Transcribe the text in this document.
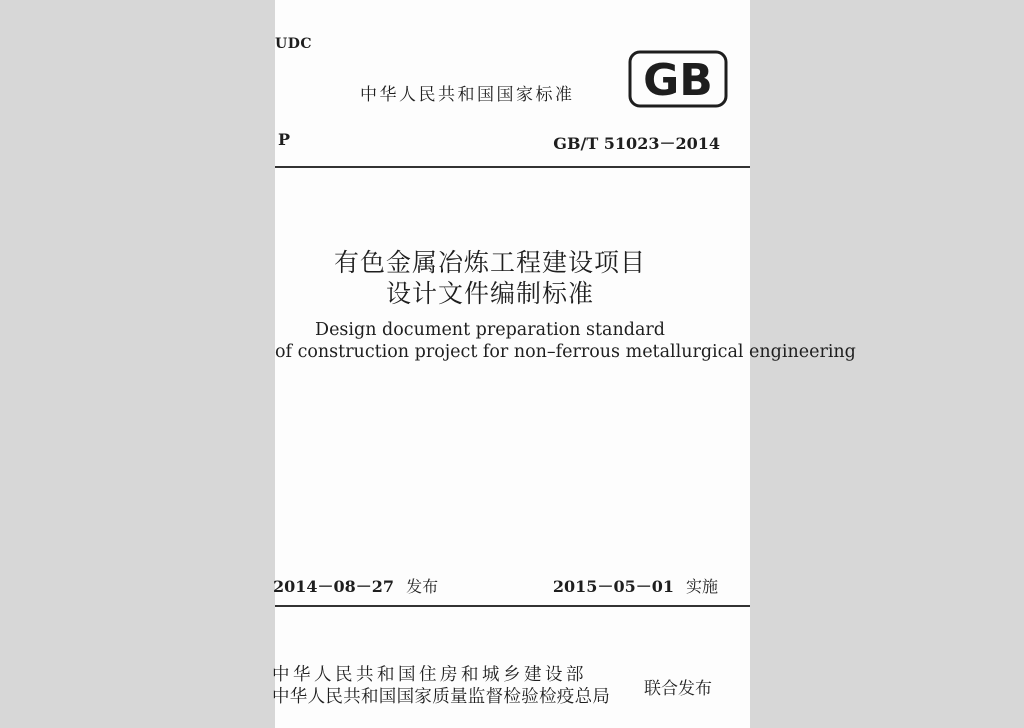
UDC
中华人民共和国国家标准 GB
P	GB/T 51023－2014
有色金属冶炼工程建设项目
设计文件编制标准
Design document preparation standard
of construction project for non–ferrous metallurgical engineering
2014－08－27 发布	2015－05－01 实施
中华人民共和国住房和城乡建设部
中华人民共和国国家质量监督检验检疫总局 联合发布
